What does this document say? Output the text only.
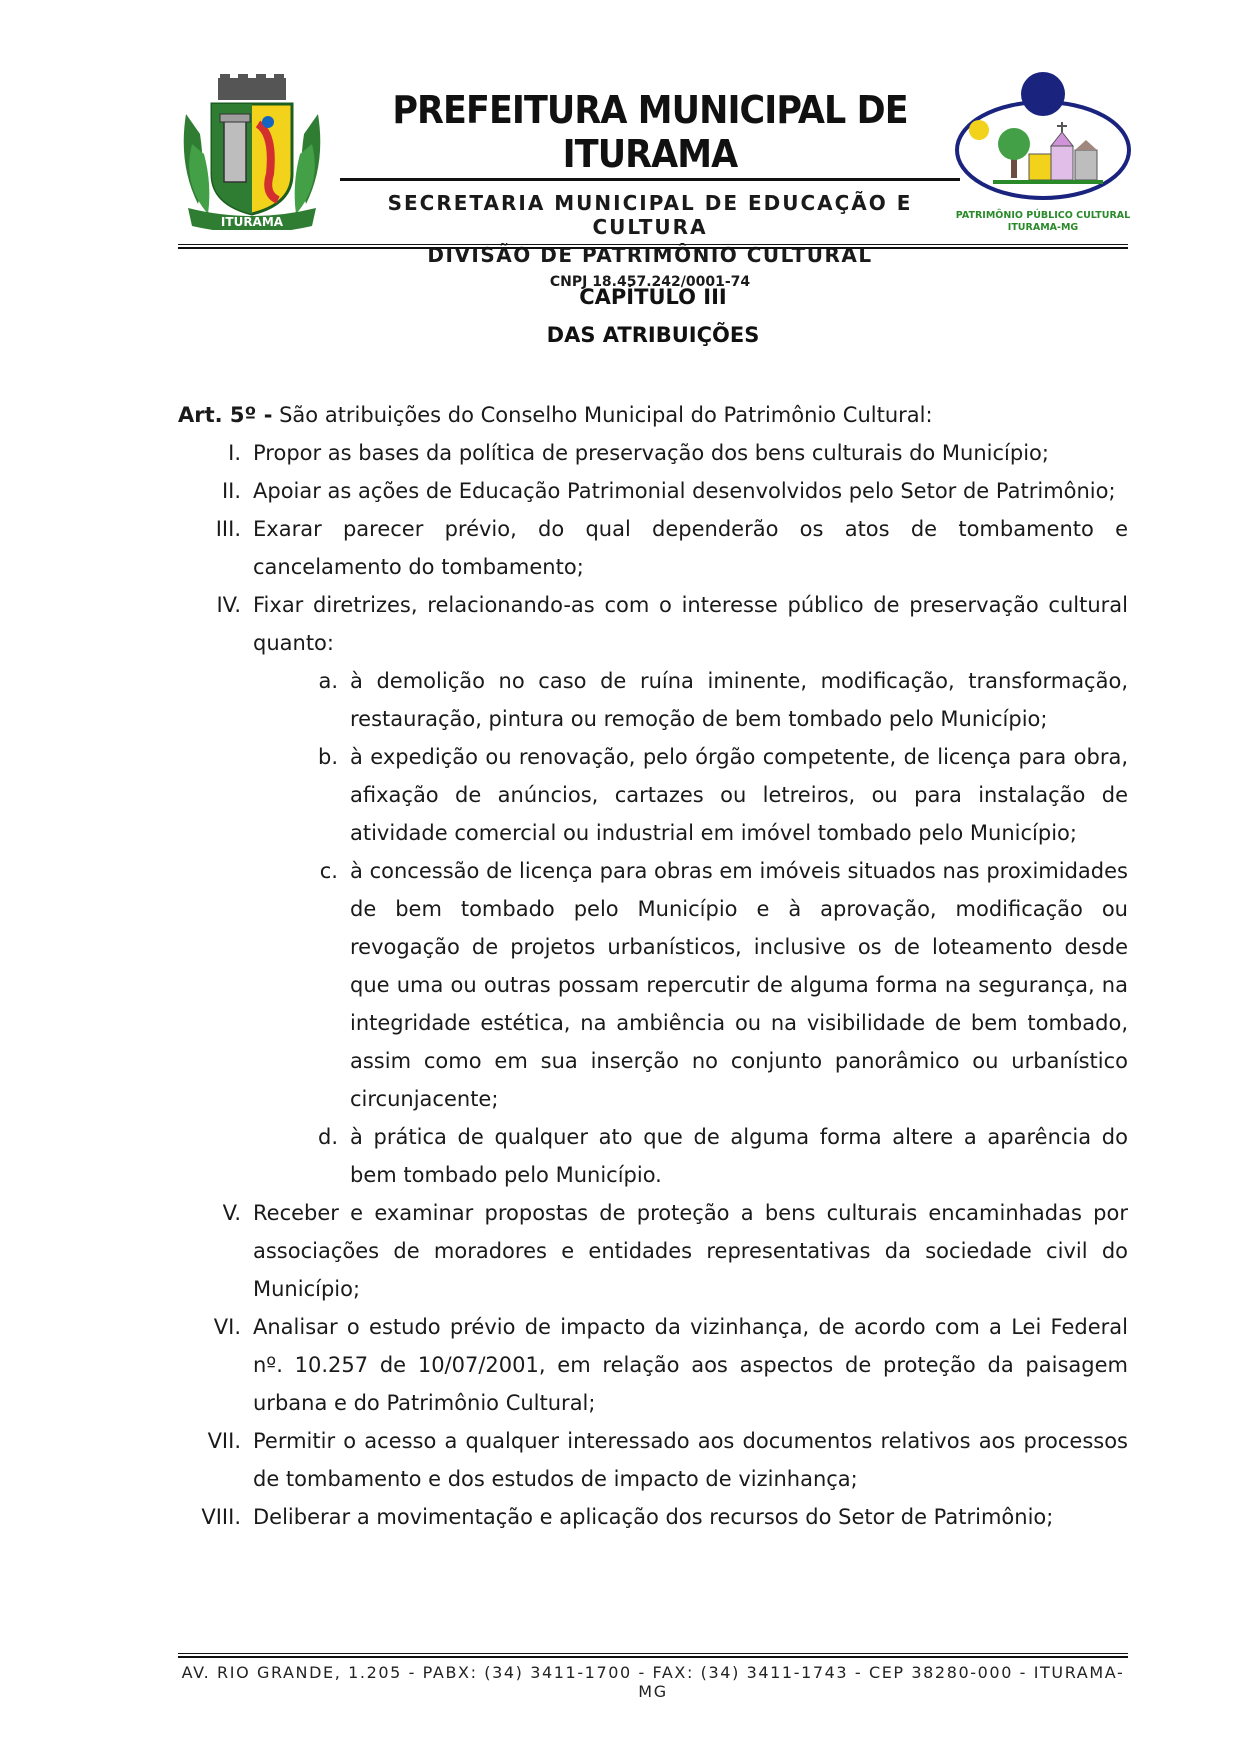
ITURAMA
PREFEITURA MUNICIPAL DE ITURAMA
SECRETARIA MUNICIPAL DE EDUCAÇÃO E CULTURA
DIVISÃO DE PATRIMÔNIO CULTURAL
CNPJ 18.457.242/0001-74
PATRIMÔNIO PÚBLICO CULTURAL
ITURAMA-MG
CAPÍTULO III
DAS ATRIBUIÇÕES

Art. 5º - São atribuições do Conselho Municipal do Patrimônio Cultural:

I. Propor as bases da política de preservação dos bens culturais do Município;
II. Apoiar as ações de Educação Patrimonial desenvolvidos pelo Setor de Patrimônio;
III. Exarar parecer prévio, do qual dependerão os atos de tombamento e cancelamento do tombamento;
IV. Fixar diretrizes, relacionando-as com o interesse público de preservação cultural quanto:
a. à demolição no caso de ruína iminente, modificação, transformação, restauração, pintura ou remoção de bem tombado pelo Município;
b. à expedição ou renovação, pelo órgão competente, de licença para obra, afixação de anúncios, cartazes ou letreiros, ou para instalação de atividade comercial ou industrial em imóvel tombado pelo Município;
c. à concessão de licença para obras em imóveis situados nas proximidades de bem tombado pelo Município e à aprovação, modificação ou revogação de projetos urbanísticos, inclusive os de loteamento desde que uma ou outras possam repercutir de alguma forma na segurança, na integridade estética, na ambiência ou na visibilidade de bem tombado, assim como em sua inserção no conjunto panorâmico ou urbanístico circunjacente;
d. à prática de qualquer ato que de alguma forma altere a aparência do bem tombado pelo Município.
V. Receber e examinar propostas de proteção a bens culturais encaminhadas por associações de moradores e entidades representativas da sociedade civil do Município;
VI. Analisar o estudo prévio de impacto da vizinhança, de acordo com a Lei Federal nº. 10.257 de 10/07/2001, em relação aos aspectos de proteção da paisagem urbana e do Patrimônio Cultural;
VII. Permitir o acesso a qualquer interessado aos documentos relativos aos processos de tombamento e dos estudos de impacto de vizinhança;
VIII. Deliberar a movimentação e aplicação dos recursos do Setor de Patrimônio;
AV. RIO GRANDE, 1.205 - PABX: (34) 3411-1700 - FAX: (34) 3411-1743 - CEP 38280-000 - ITURAMA-MG
